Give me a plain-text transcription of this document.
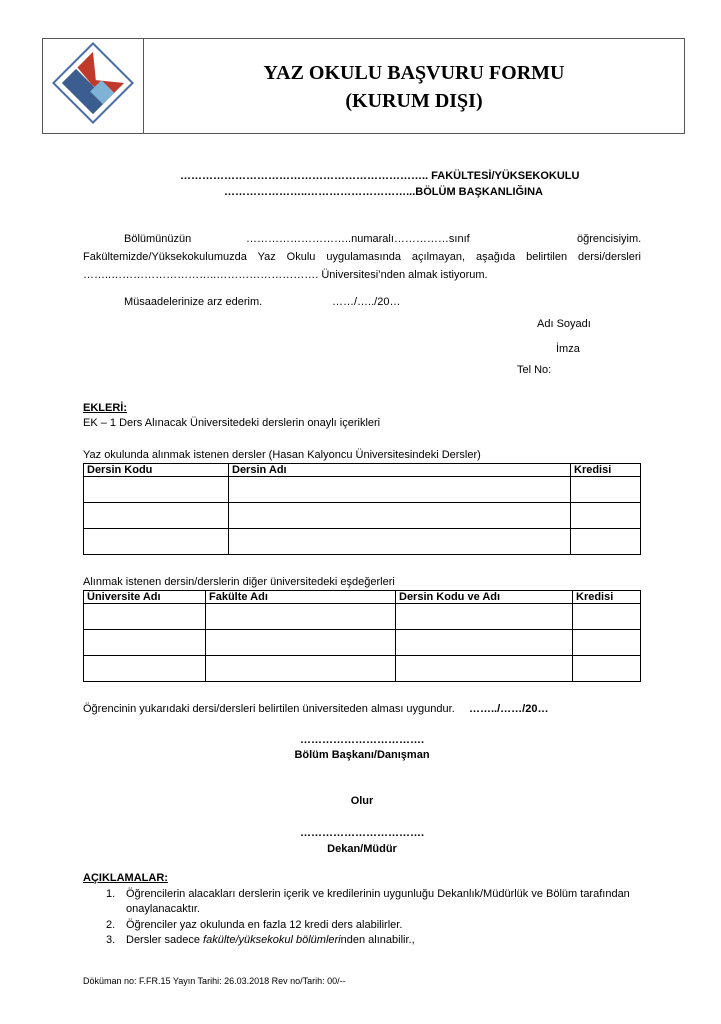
YAZ OKULU BAŞVURU FORMU
(KURUM DIŞI)
………………………………………………………….. FAKÜLTESİ/YÜKSEKOKULU
…………………..………………………...BÖLÜM BAŞKANLIĞINA
Bölümünüzün	………………………..numaralı……………sınıf	öğrencisiyim.
Fakültemizde/Yüksekokulumuzda Yaz Okulu uygulamasında açılmayan, aşağıda belirtilen dersi/dersleri
……..………………………..………………………. Üniversitesi’nden almak istiyorum.
Müsaadelerinize arz ederim.	……/…../20…
Adı Soyadı
İmza
Tel No:
EKLERİ:
EK – 1 Ders Alınacak Üniversitedeki derslerin onaylı içerikleri
Yaz okulunda alınmak istenen dersler (Hasan Kalyoncu Üniversitesindeki Dersler)
Dersin Kodu	Dersin Adı	Kredisi

Alınmak istenen dersin/derslerin diğer üniversitedeki eşdeğerleri
Üniversite Adı	Fakülte Adı	Dersin Kodu ve Adı	Kredisi

Öğrencinin yukarıdaki dersi/dersleri belirtilen üniversiteden alması uygundur. ……../……/20…
…………………………….
Bölüm Başkanı/Danışman
Olur
…………………………….
Dekan/Müdür
AÇIKLAMALAR:
1. Öğrencilerin alacakları derslerin içerik ve kredilerinin uygunluğu Dekanlık/Müdürlük ve Bölüm tarafından
onaylanacaktır.
2. Öğrenciler yaz okulunda en fazla 12 kredi ders alabilirler.
3. Dersler sadece fakülte/yüksekokul bölümlerinden alınabilir.,
Döküman no: F.FR.15 Yayın Tarihi: 26.03.2018 Rev no/Tarih: 00/--
